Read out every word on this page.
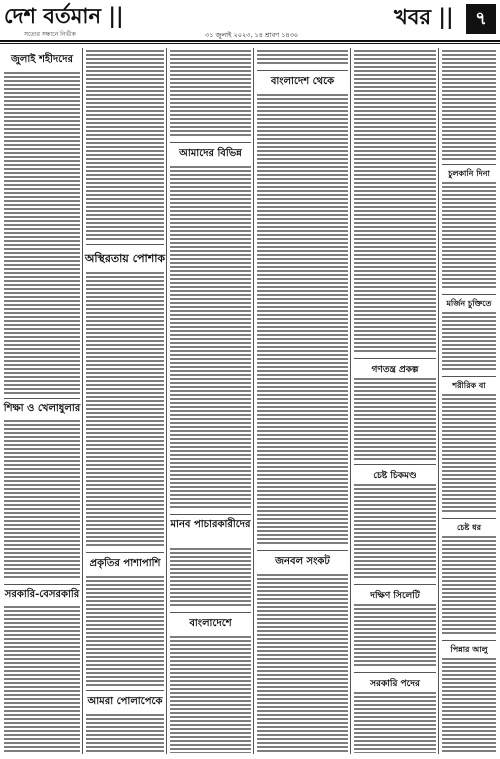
দেশ বর্তমান ||
সত্যের সন্ধানে নির্ভীক	৩১ জুলাই ২০২৩, ১৪ শ্রাবণ ১৪৩০
খবর ||	৭
জুলাই শহীদদের
শিক্ষা ও খেলাধুলার
সরকারি-বেসরকারি
অস্থিরতায় পোশাক
প্রকৃতির পাশাপাশি
আমরা পোলাপেকে
আমাদের বিভিন্ন
মানব পাচারকারীদের
বাংলাদেশে
বাংলাদেশ থেকে
জনবল সংকট
গণতন্ত্র প্রকল্প
চেষ্ট চিকমণ্ড
দক্ষিণ সিলেটি
সরকারি পদের
চুলকানি দিনা
মর্জিন চুক্তিতে
শরীরিক বা
চেষ্ট ধর
পিন্নার আলু
